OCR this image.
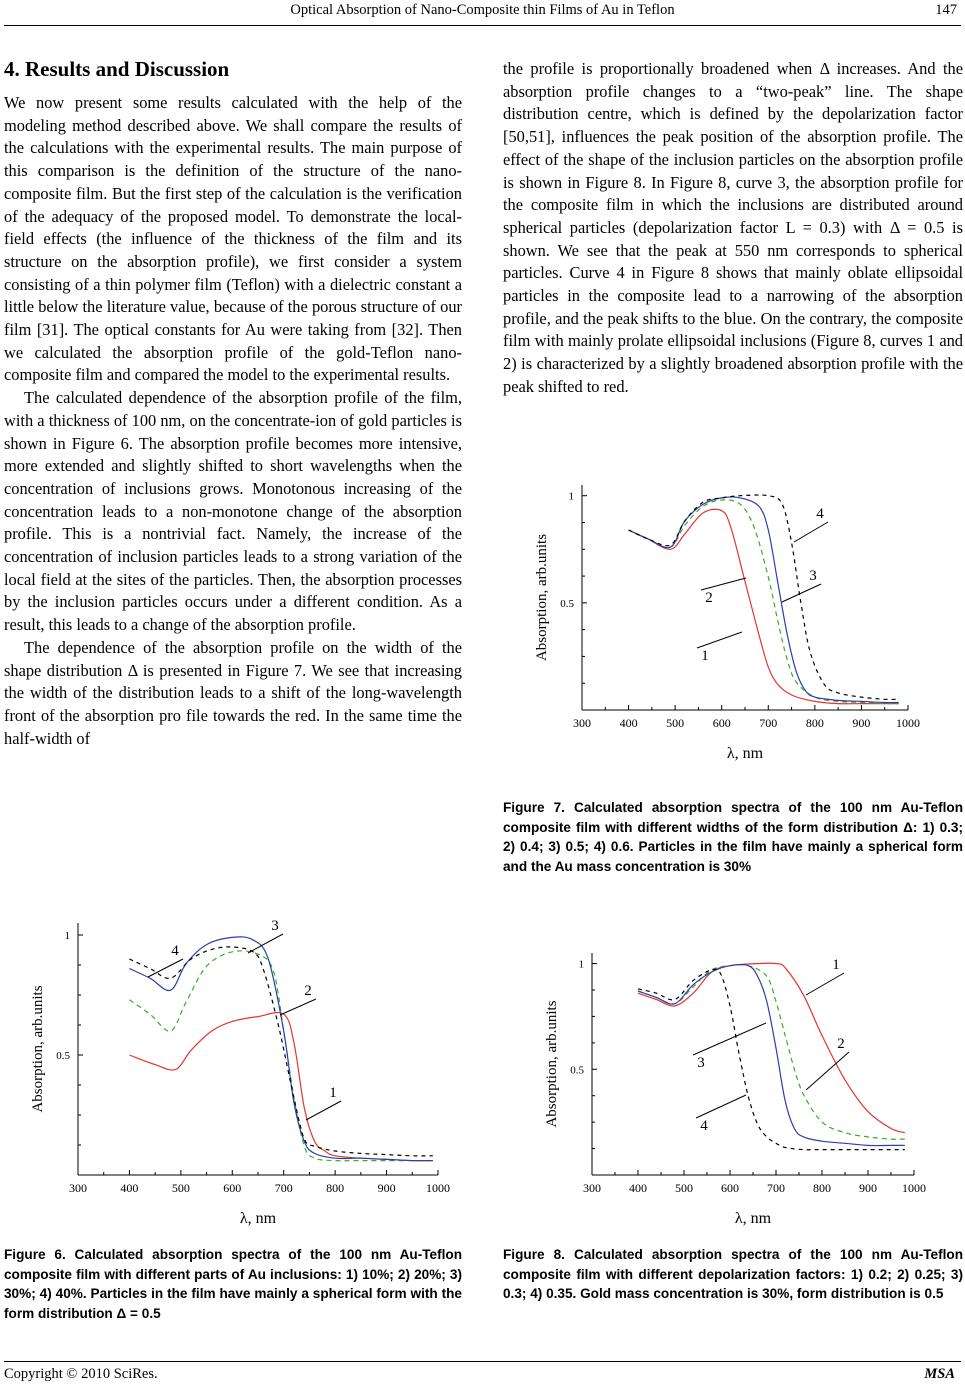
Optical Absorption of Nano-Composite thin Films of Au in Teflon	147
4. Results and Discussion

We now present some results calculated with the help of the modeling method described above. We shall compare the results of the calculations with the experimental results. The main purpose of this comparison is the definition of the structure of the nano-composite film. But the first step of the calculation is the verification of the adequacy of the proposed model. To demonstrate the local-field effects (the influence of the thickness of the film and its structure on the absorption profile), we first consider a system consisting of a thin polymer film (Teflon) with a dielectric constant a little below the literature value, because of the porous structure of our film [31]. The optical constants for Au were taking from [32]. Then we calculated the absorption profile of the gold-Teflon nano-composite film and compared the model to the experimental results.

The calculated dependence of the absorption profile of the film, with a thickness of 100 nm, on the concentrate-ion of gold particles is shown in Figure 6. The absorption profile becomes more intensive, more extended and slightly shifted to short wavelengths when the concentration of inclusions grows. Monotonous increasing of the concentration leads to a non-monotone change of the absorption profile. This is a nontrivial fact. Namely, the increase of the concentration of inclusion particles leads to a strong variation of the local field at the sites of the particles. Then, the absorption processes by the inclusion particles occurs under a different condition. As a result, this leads to a change of the absorption profile.

The dependence of the absorption profile on the width of the shape distribution Δ is presented in Figure 7. We see that increasing the width of the distribution leads to a shift of the long-wavelength front of the absorption pro file towards the red. In the same time the half-width of

the profile is proportionally broadened when Δ increases. And the absorption profile changes to a “two-peak” line. The shape distribution centre, which is defined by the depolarization factor [50,51], influences the peak position of the absorption profile. The effect of the shape of the inclusion particles on the absorption profile is shown in Figure 8. In Figure 8, curve 3, the absorption profile for the composite film in which the inclusions are distributed around spherical particles (depolarization factor L = 0.3) with Δ = 0.5 is shown. We see that the peak at 550 nm corresponds to spherical particles. Curve 4 in Figure 8 shows that mainly oblate ellipsoidal particles in the composite lead to a narrowing of the absorption profile, and the peak shifts to the blue. On the contrary, the composite film with mainly prolate ellipsoidal inclusions (Figure 8, curves 1 and 2) is characterized by a slightly broadened absorption profile with the peak shifted to red.

300	400	500	600	700	800	900	1000
0.5
1
λ, nm
Absorption, arb.units	1
2
3
4
300 400 500 600 700 800 900 1000
0.5
1
λ, nm
Absorption, arb.units	1
2
3
4
300 400 500 600 700 800 900 1000
0.5
1
λ, nm
Absorption, arb.units
1
2
3
4
Figure 6. Calculated absorption spectra of the 100 nm Au-Teflon composite film with different parts of Au inclusions: 1) 10%; 2) 20%; 3) 30%; 4) 40%. Particles in the film have mainly a spherical form with the form distribution Δ = 0.5
Figure 7. Calculated absorption spectra of the 100 nm Au-Teflon composite film with different widths of the form distribution Δ: 1) 0.3; 2) 0.4; 3) 0.5; 4) 0.6. Particles in the film have mainly a spherical form and the Au mass concentration is 30%
Figure 8. Calculated absorption spectra of the 100 nm Au-Teflon composite film with different depolarization factors: 1) 0.2; 2) 0.25; 3) 0.3; 4) 0.35. Gold mass concentration is 30%, form distribution is 0.5
Copyright © 2010 SciRes.	MSA
